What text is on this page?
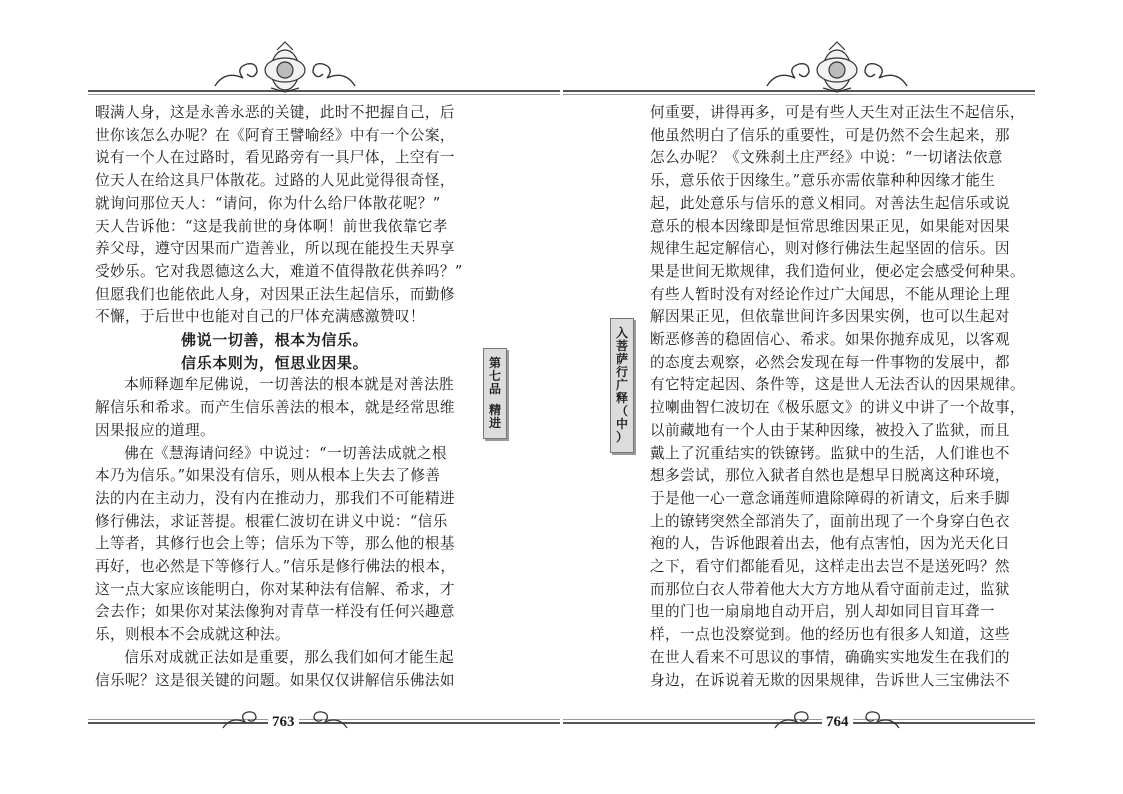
763	764
第
七
品
精
进
入
菩
萨
行
广
释
（
中
）

暇满人身，这是永善永恶的关键，此时不把握自己，后

世你该怎么办呢？在《阿育王譬喻经》中有一个公案，

说有一个人在过路时，看见路旁有一具尸体，上空有一

位天人在给这具尸体散花。过路的人见此觉得很奇怪，

就询问那位天人：“请问，你为什么给尸体散花呢？”

天人告诉他：“这是我前世的身体啊！前世我依靠它孝

养父母，遵守因果而广造善业，所以现在能投生天界享

受妙乐。它对我恩德这么大，难道不值得散花供养吗？”

但愿我们也能依此人身，对因果正法生起信乐，而勤修

不懈，于后世中也能对自己的尸体充满感激赞叹！

佛说一切善，根本为信乐。

信乐本则为，恒思业因果。

本师释迦牟尼佛说，一切善法的根本就是对善法胜

解信乐和希求。而产生信乐善法的根本，就是经常思维

因果报应的道理。

佛在《慧海请问经》中说过：“一切善法成就之根

本乃为信乐。”如果没有信乐，则从根本上失去了修善

法的内在主动力，没有内在推动力，那我们不可能精进

修行佛法，求证菩提。根霍仁波切在讲义中说：“信乐

上等者，其修行也会上等；信乐为下等，那么他的根基

再好，也必然是下等修行人。”信乐是修行佛法的根本，

这一点大家应该能明白，你对某种法有信解、希求，才

会去作；如果你对某法像狗对青草一样没有任何兴趣意

乐，则根本不会成就这种法。

信乐对成就正法如是重要，那么我们如何才能生起

信乐呢？这是很关键的问题。如果仅仅讲解信乐佛法如

何重要，讲得再多，可是有些人天生对正法生不起信乐，

他虽然明白了信乐的重要性，可是仍然不会生起来，那

怎么办呢？《文殊刹土庄严经》中说：“一切诸法依意

乐，意乐依于因缘生。”意乐亦需依靠种种因缘才能生

起，此处意乐与信乐的意义相同。对善法生起信乐或说

意乐的根本因缘即是恒常思维因果正见，如果能对因果

规律生起定解信心，则对修行佛法生起坚固的信乐。因

果是世间无欺规律，我们造何业，便必定会感受何种果。

有些人暂时没有对经论作过广大闻思，不能从理论上理

解因果正见，但依靠世间许多因果实例，也可以生起对

断恶修善的稳固信心、希求。如果你抛弃成见，以客观

的态度去观察，必然会发现在每一件事物的发展中，都

有它特定起因、条件等，这是世人无法否认的因果规律。

拉喇曲智仁波切在《极乐愿文》的讲义中讲了一个故事，

以前藏地有一个人由于某种因缘，被投入了监狱，而且

戴上了沉重结实的铁镣铐。监狱中的生活，人们谁也不

想多尝试，那位入狱者自然也是想早日脱离这种环境，

于是他一心一意念诵莲师遣除障碍的祈请文，后来手脚

上的镣铐突然全部消失了，面前出现了一个身穿白色衣

袍的人，告诉他跟着出去，他有点害怕，因为光天化日

之下，看守们都能看见，这样走出去岂不是送死吗？然

而那位白衣人带着他大大方方地从看守面前走过，监狱

里的门也一扇扇地自动开启，别人却如同目盲耳聋一

样，一点也没察觉到。他的经历也有很多人知道，这些

在世人看来不可思议的事情，确确实实地发生在我们的

身边，在诉说着无欺的因果规律，告诉世人三宝佛法不
